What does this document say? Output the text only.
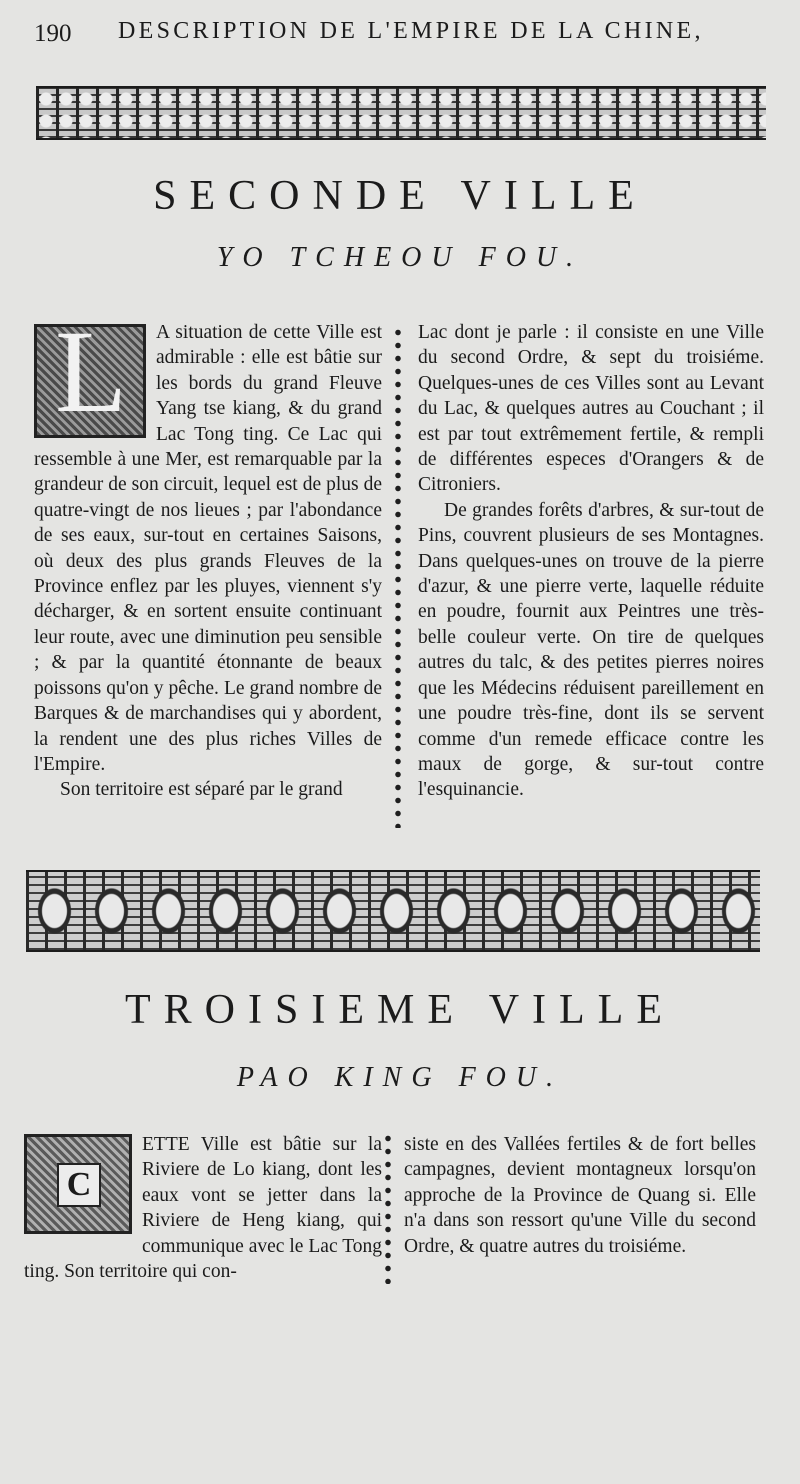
190 DESCRIPTION DE L'EMPIRE DE LA CHINE,
SECONDE VILLE
YO TCHEOU FOU.
L	A situation de cette Ville est admirable : elle est bâtie sur les bords du grand Fleuve Yang tse kiang, & du grand Lac Tong ting. Ce Lac qui ressemble à une Mer, est remarquable par la grandeur de son circuit, lequel est de plus de quatre-vingt de nos lieues ; par l'abondance de ses eaux, sur-tout en certaines Saisons, où deux des plus grands Fleuves de la Province enflez par les pluyes, viennent s'y décharger, & en sortent ensuite continuant leur route, avec une diminution peu sensible ; & par la quantité étonnante de beaux poissons qu'on y pêche. Le grand nombre de Barques & de marchandises qui y abordent, la rendent une des plus riches Villes de l'Empire.

Son territoire est séparé par le grand

Lac dont je parle : il consiste en une Ville du second Ordre, & sept du troisiéme. Quelques-unes de ces Villes sont au Levant du Lac, & quelques autres au Couchant ; il est par tout extrêmement fertile, & rempli de différentes especes d'Orangers & de Citroniers.

De grandes forêts d'arbres, & sur-tout de Pins, couvrent plusieurs de ses Montagnes. Dans quelques-unes on trouve de la pierre d'azur, & une pierre verte, laquelle réduite en poudre, fournit aux Peintres une très-belle couleur verte. On tire de quelques autres du talc, & des petites pierres noires que les Médecins réduisent pareillement en une poudre très-fine, dont ils se servent comme d'un remede efficace contre les maux de gorge, & sur-tout contre l'esquinancie.

TROISIEME VILLE
PAO KING FOU.
C

ETTE Ville est bâtie sur la Riviere de Lo kiang, dont les eaux vont se jetter dans la Riviere de Heng kiang, qui communique avec le Lac Tong ting. Son territoire qui con-

siste en des Vallées fertiles & de fort belles campagnes, devient montagneux lorsqu'on approche de la Province de Quang si. Elle n'a dans son ressort qu'une Ville du second Ordre, & quatre autres du troisiéme.
